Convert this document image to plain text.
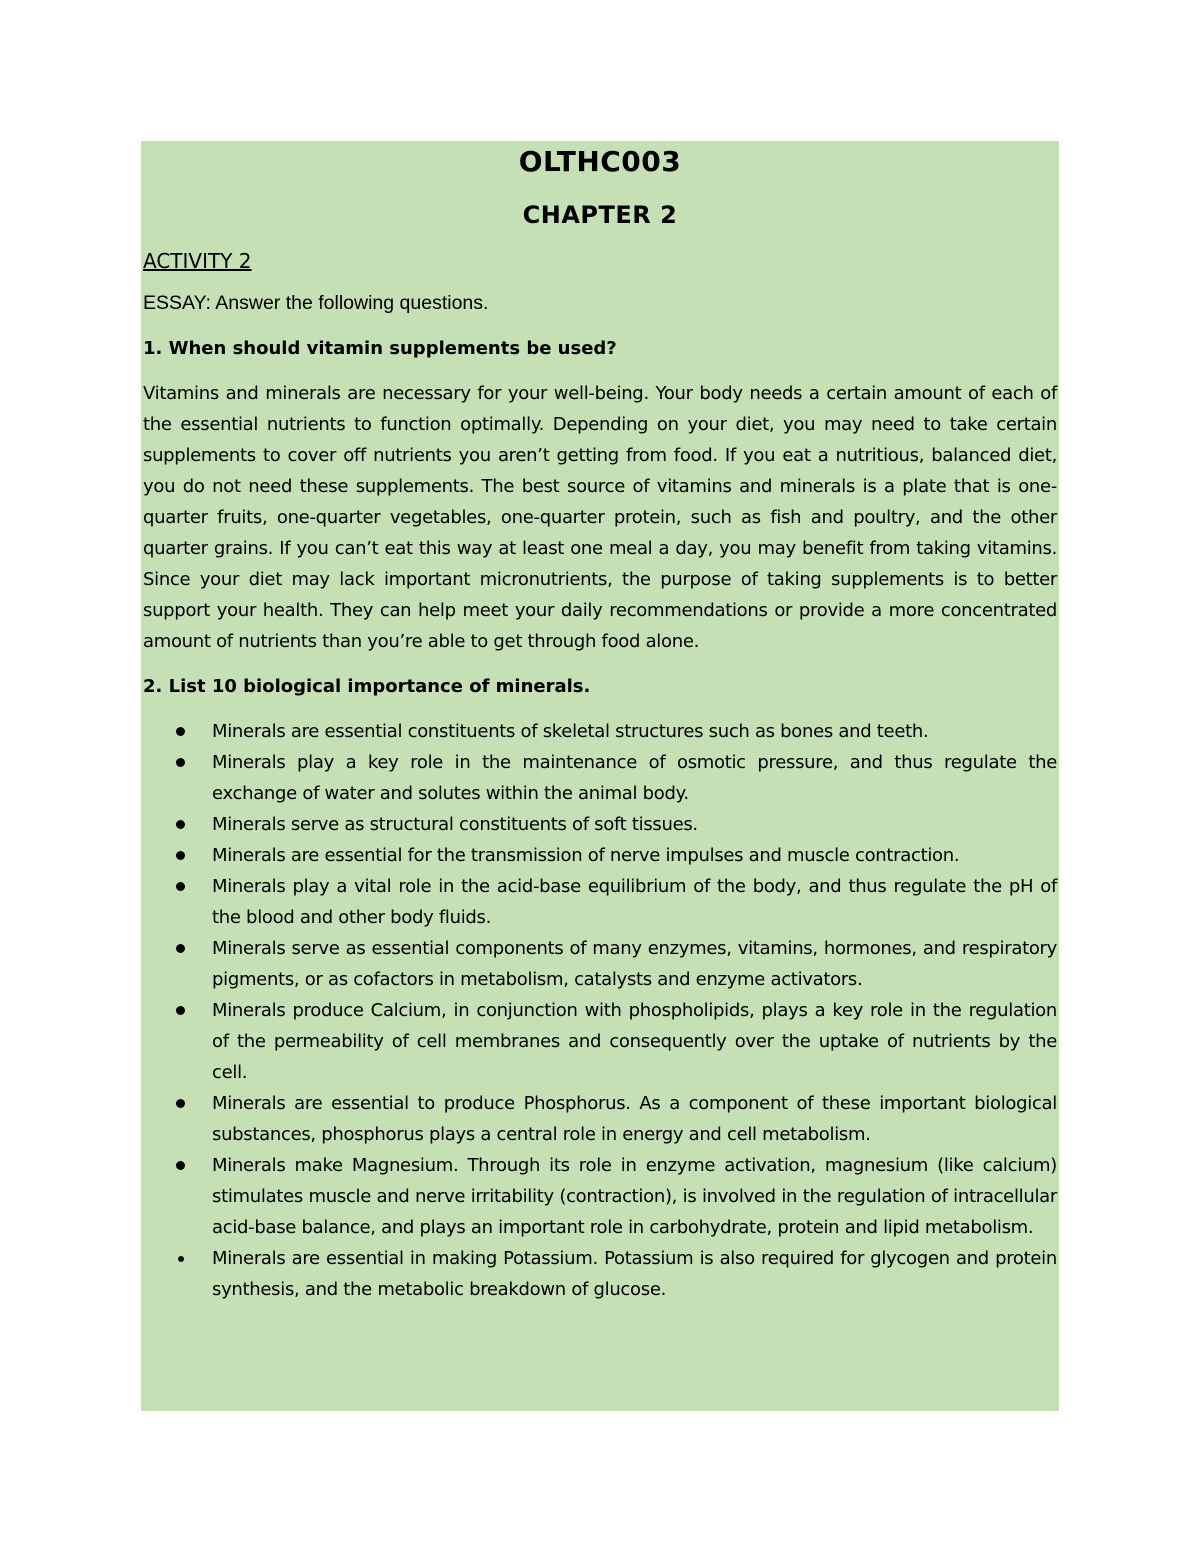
OLTHC003
CHAPTER 2
ACTIVITY 2
ESSAY: Answer the following questions.
1. When should vitamin supplements be used?
Vitamins and minerals are necessary for your well-being. Your body needs a certain amount of each of the essential nutrients to function optimally. Depending on your diet, you may need to take certain supplements to cover off nutrients you aren’t getting from food. If you eat a nutritious, balanced diet, you do not need these supplements. The best source of vitamins and minerals is a plate that is one-quarter fruits, one-quarter vegetables, one-quarter protein, such as fish and poultry, and the other quarter grains. If you can’t eat this way at least one meal a day, you may benefit from taking vitamins. Since your diet may lack important micronutrients, the purpose of taking supplements is to better support your health. They can help meet your daily recommendations or provide a more concentrated amount of nutrients than you’re able to get through food alone.
2. List 10 biological importance of minerals.
Minerals are essential constituents of skeletal structures such as bones and teeth.
Minerals play a key role in the maintenance of osmotic pressure, and thus regulate the exchange of water and solutes within the animal body.
Minerals serve as structural constituents of soft tissues.
Minerals are essential for the transmission of nerve impulses and muscle contraction.
Minerals play a vital role in the acid-base equilibrium of the body, and thus regulate the pH of the blood and other body fluids.
Minerals serve as essential components of many enzymes, vitamins, hormones, and respiratory pigments, or as cofactors in metabolism, catalysts and enzyme activators.
Minerals produce Calcium, in conjunction with phospholipids, plays a key role in the regulation of the permeability of cell membranes and consequently over the uptake of nutrients by the cell.
Minerals are essential to produce Phosphorus. As a component of these important biological substances, phosphorus plays a central role in energy and cell metabolism.
Minerals make Magnesium. Through its role in enzyme activation, magnesium (like calcium) stimulates muscle and nerve irritability (contraction), is involved in the regulation of intracellular acid-base balance, and plays an important role in carbohydrate, protein and lipid metabolism.
Minerals are essential in making Potassium. Potassium is also required for glycogen and protein synthesis, and the metabolic breakdown of glucose.
